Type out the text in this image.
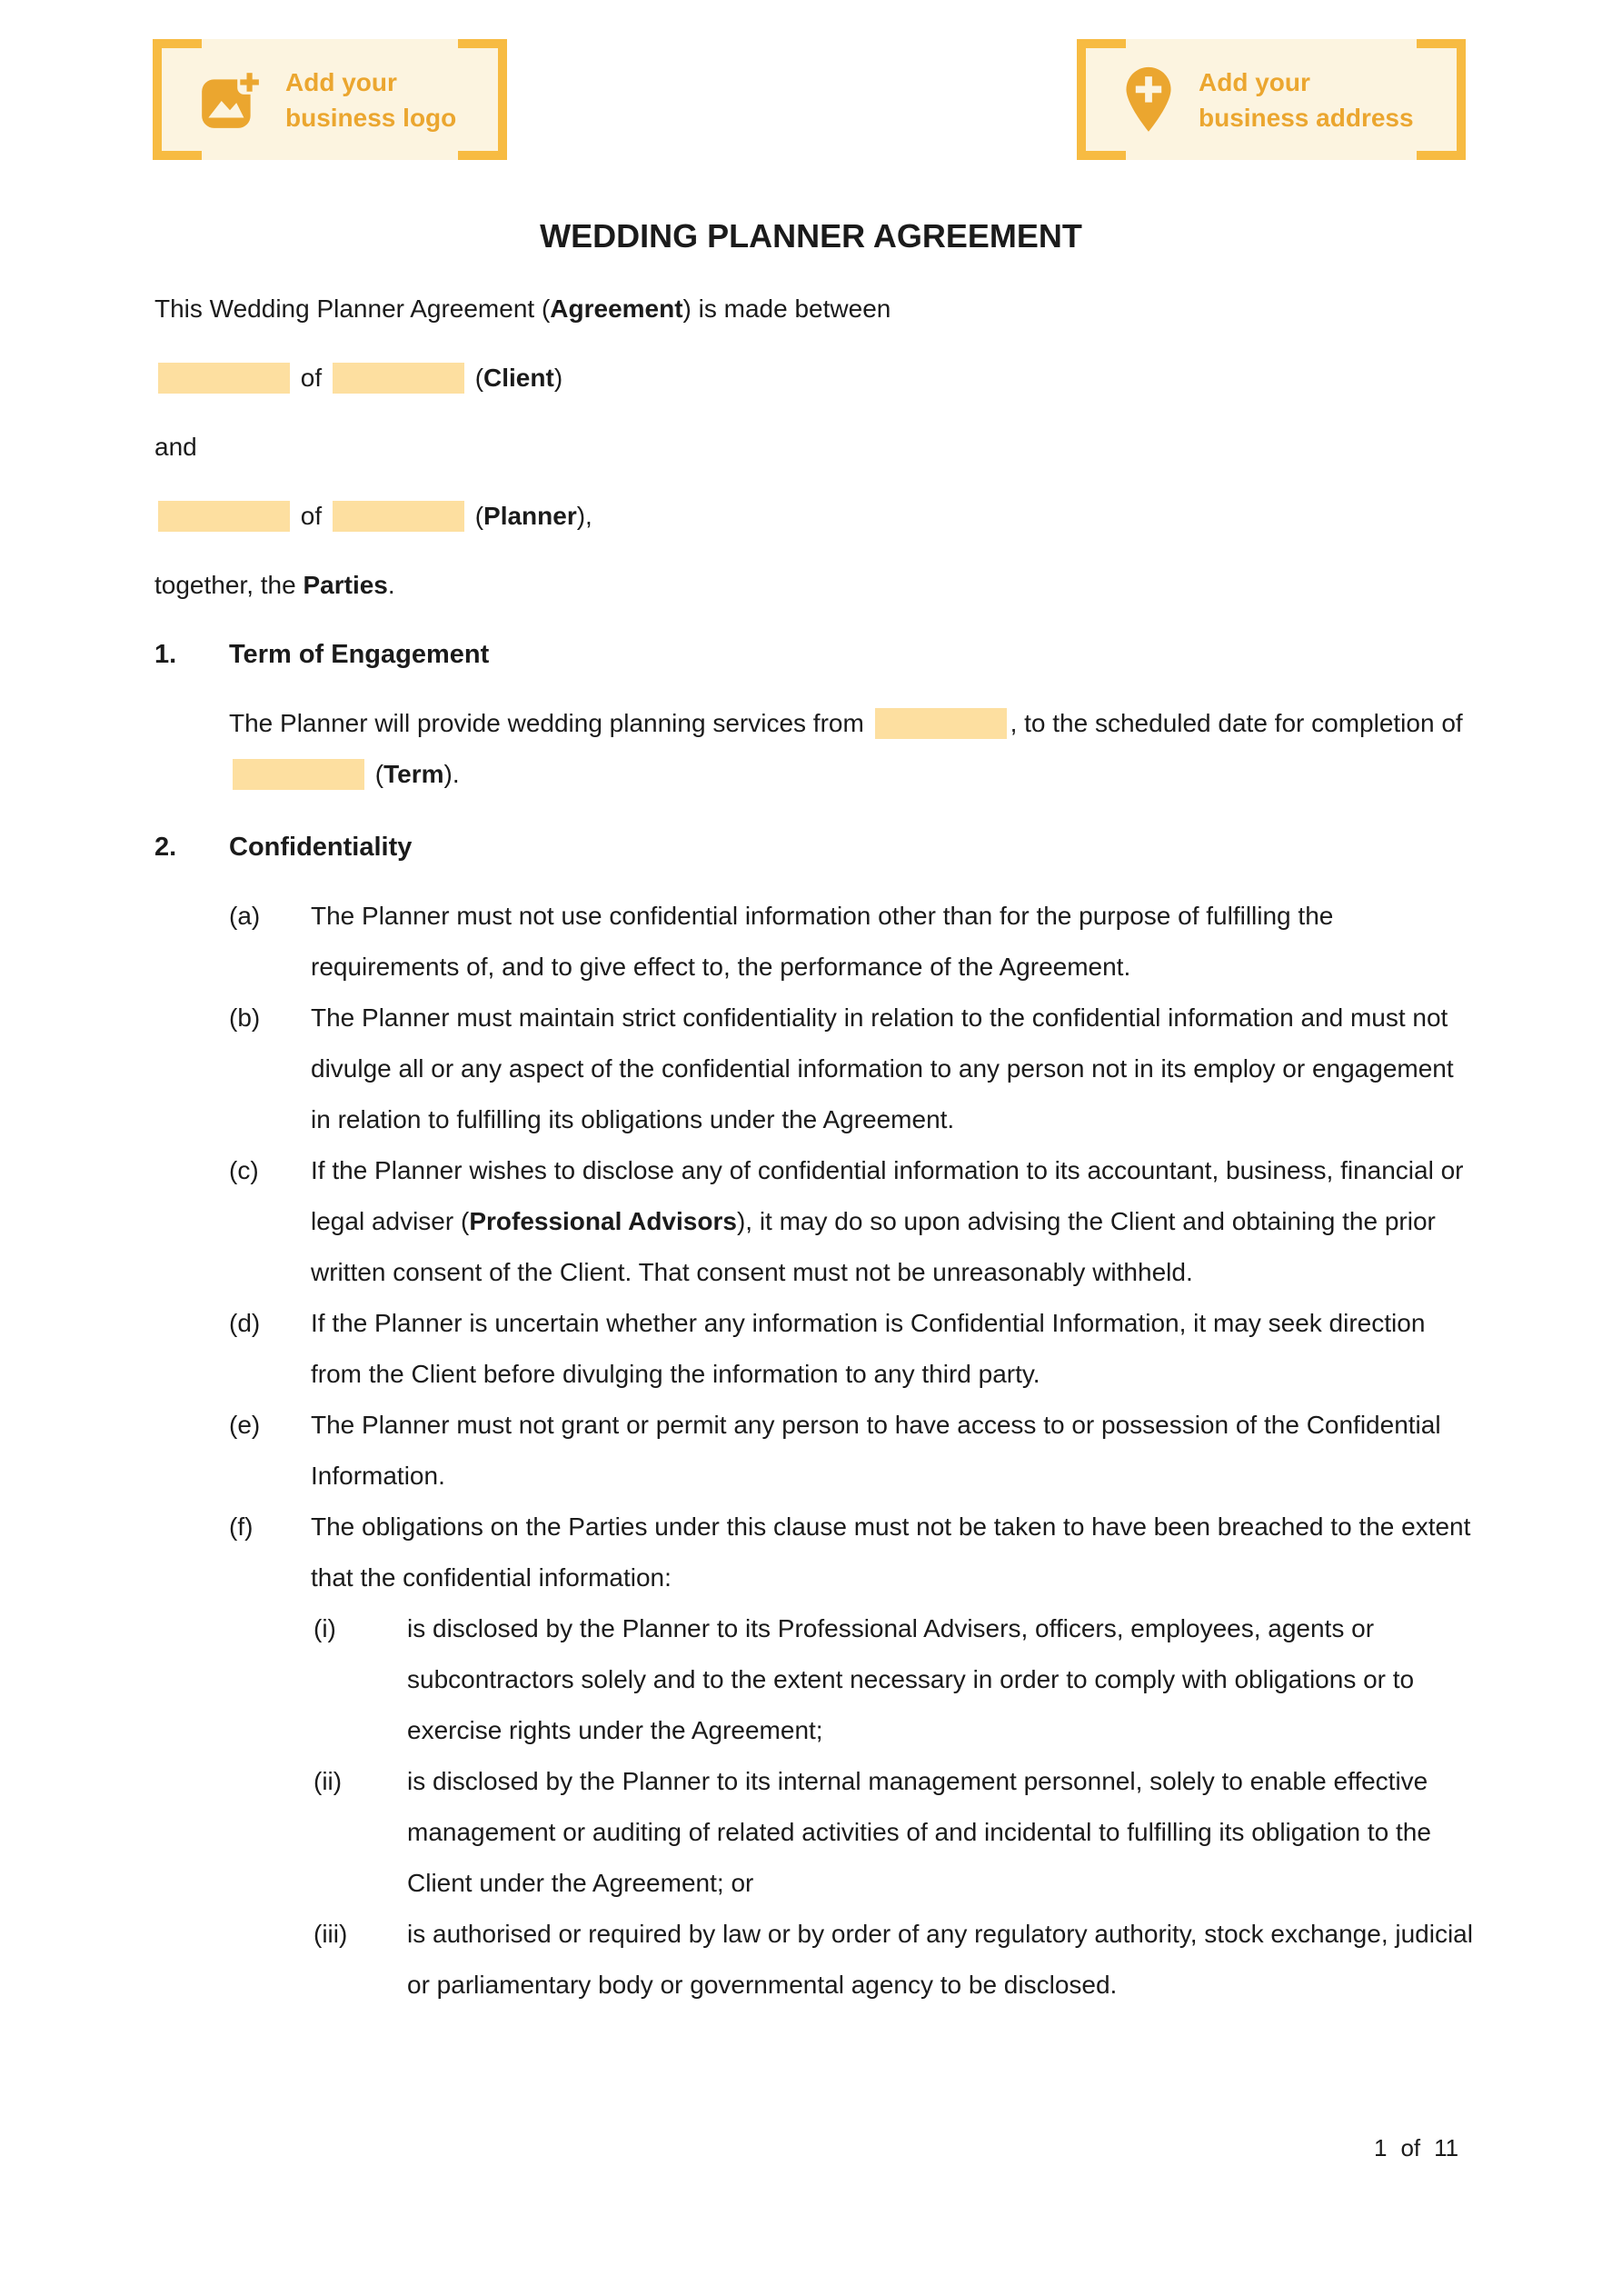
Add your
business logo
Add your
business address
WEDDING PLANNER AGREEMENT

This Wedding Planner Agreement (Agreement) is made between

of	(Client)

and

of	(Planner),

together, the Parties.

1.	Term of Engagement

The Planner will provide wedding planning services from	, to the scheduled date for completion of  (Term).

2.	Confidentiality
(a)	The Planner must not use confidential information other than for the purpose of fulfilling the requirements of, and to give effect to, the performance of the Agreement.

(b)	The Planner must maintain strict confidentiality in relation to the confidential information and must not divulge all or any aspect of the confidential information to any person not in its employ or engagement in relation to fulfilling its obligations under the Agreement.

(c)	If the Planner wishes to disclose any of confidential information to its accountant, business, financial or legal adviser (Professional Advisors), it may do so upon advising the Client and obtaining the prior written consent of the Client. That consent must not be unreasonably withheld.

(d)	If the Planner is uncertain whether any information is Confidential Information, it may seek direction from the Client before divulging the information to any third party.

(e)	The Planner must not grant or permit any person to have access to or possession of the Confidential Information.

(f)	The obligations on the Parties under this clause must not be taken to have been breached to the extent that the confidential information:

(i)	is disclosed by the Planner to its Professional Advisers, officers, employees, agents or subcontractors solely and to the extent necessary in order to comply with obligations or to exercise rights under the Agreement;

(ii)	is disclosed by the Planner to its internal management personnel, solely to enable effective management or auditing of related activities of and incidental to fulfilling its obligation to the Client under the Agreement; or

(iii)	is authorised or required by law or by order of any regulatory authority, stock exchange, judicial or parliamentary body or governmental agency to be disclosed.

1 of 11
